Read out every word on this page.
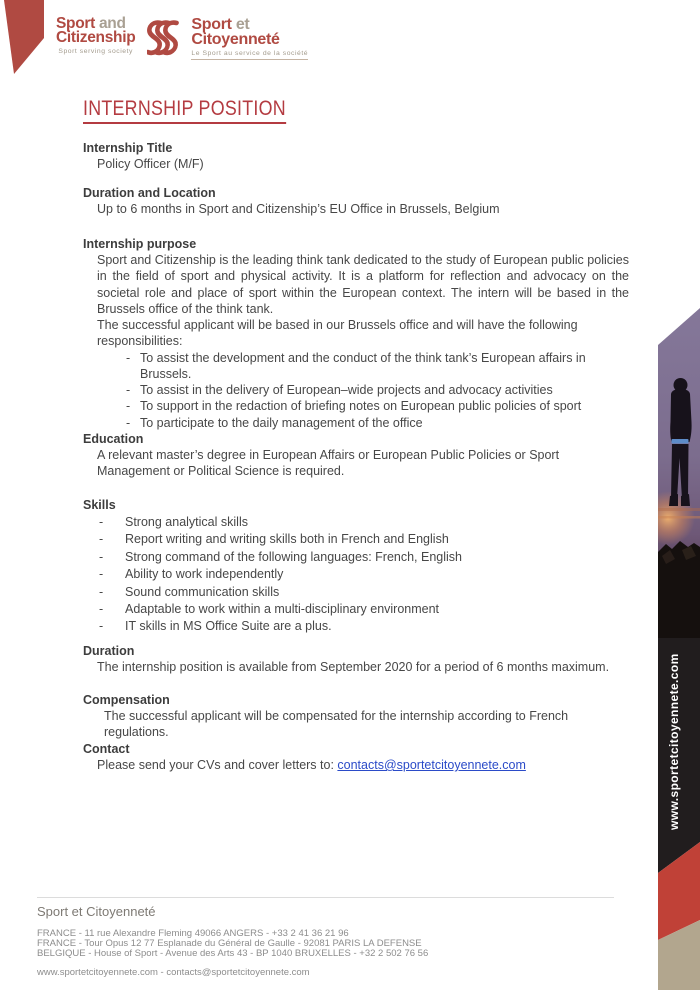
Sport and
Citizenship
Sport serving society
Sport et
Citoyenneté
Le Sport au service de la société
INTERNSHIP POSITION
Internship Title

Policy Officer (M/F)

Duration and Location

Up to 6 months in Sport and Citizenship’s EU Office in Brussels, Belgium

Internship purpose

Sport and Citizenship is the leading think tank dedicated to the study of European public policies in the field of sport and physical activity. It is a platform for reflection and advocacy on the societal role and place of sport within the European context. The intern will be based in the Brussels office of the think tank.

The successful applicant will be based in our Brussels office and will have the following responsibilities:

- To assist the development and the conduct of the think tank’s European affairs in Brussels.
- To assist in the delivery of European–wide projects and advocacy activities
- To support in the redaction of briefing notes on European public policies of sport
- To participate to the daily management of the office
Education

A relevant master’s degree in European Affairs or European Public Policies or Sport Management or Political Science is required.

Skills
- Strong analytical skills
- Report writing and writing skills both in French and English
- Strong command of the following languages: French, English
- Ability to work independently
- Sound communication skills
- Adaptable to work within a multi-disciplinary environment
- IT skills in MS Office Suite are a plus.
Duration

The internship position is available from September 2020 for a period of 6 months maximum.

Compensation

The successful applicant will be compensated for the internship according to French regulations.

Contact

Please send your CVs and cover letters to: contacts@sportetcitoyennete.com

Sport et Citoyenneté
FRANCE - 11 rue Alexandre Fleming 49066 ANGERS - +33 2 41 36 21 96
FRANCE - Tour Opus 12 77 Esplanade du Général de Gaulle - 92081 PARIS LA DEFENSE
BELGIQUE - House of Sport - Avenue des Arts 43 - BP 1040 BRUXELLES - +32 2 502 76 56
www.sportetcitoyennete.com - contacts@sportetcitoyennete.com
www.sportetcitoyennete.com
